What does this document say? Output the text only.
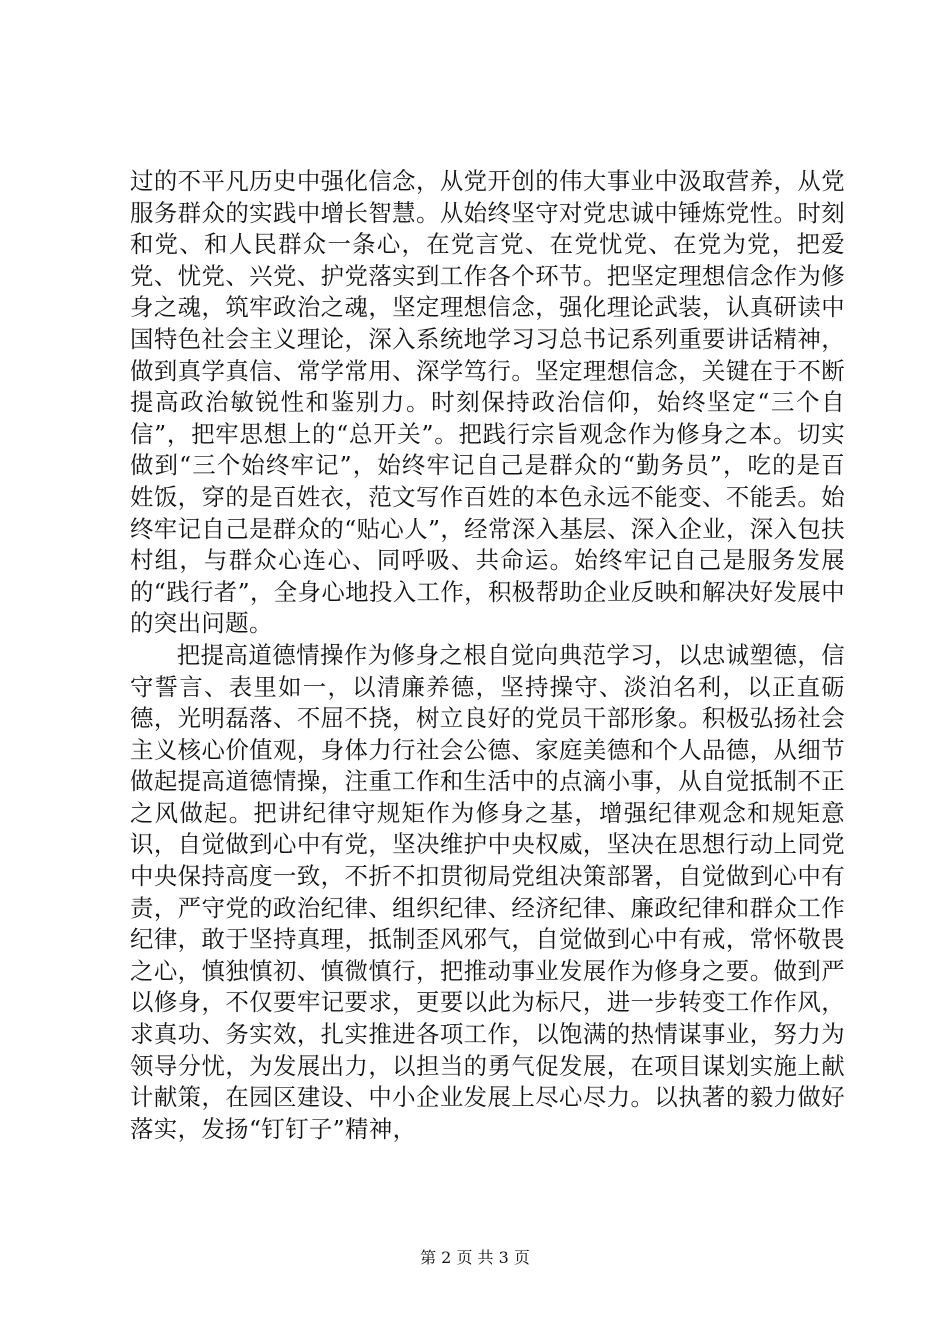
过的不平凡历史中强化信念，从党开创的伟大事业中汲取营养，从党服务群众的实践中增长智慧。从始终坚守对党忠诚中锤炼党性。时刻和党、和人民群众一条心，在党言党、在党忧党、在党为党，把爱党、忧党、兴党、护党落实到工作各个环节。把坚定理想信念作为修身之魂，筑牢政治之魂，坚定理想信念，强化理论武装，认真研读中国特色社会主义理论，深入系统地学习习总书记系列重要讲话精神，做到真学真信、常学常用、深学笃行。坚定理想信念，关键在于不断提高政治敏锐性和鉴别力。时刻保持政治信仰，始终坚定“三个自信”，把牢思想上的“总开关”。把践行宗旨观念作为修身之本。切实做到“三个始终牢记”，始终牢记自己是群众的“勤务员”，吃的是百姓饭，穿的是百姓衣，范文写作百姓的本色永远不能变、不能丢。始终牢记自己是群众的“贴心人”，经常深入基层、深入企业，深入包扶村组，与群众心连心、同呼吸、共命运。始终牢记自己是服务发展的“践行者”，全身心地投入工作，积极帮助企业反映和解决好发展中的突出问题。

把提高道德情操作为修身之根自觉向典范学习，以忠诚塑德，信守誓言、表里如一，以清廉养德，坚持操守、淡泊名利，以正直砺德，光明磊落、不屈不挠，树立良好的党员干部形象。积极弘扬社会主义核心价值观，身体力行社会公德、家庭美德和个人品德，从细节做起提高道德情操，注重工作和生活中的点滴小事，从自觉抵制不正之风做起。把讲纪律守规矩作为修身之基，增强纪律观念和规矩意识，自觉做到心中有党，坚决维护中央权威，坚决在思想行动上同党中央保持高度一致，不折不扣贯彻局党组决策部署，自觉做到心中有责，严守党的政治纪律、组织纪律、经济纪律、廉政纪律和群众工作纪律，敢于坚持真理，抵制歪风邪气，自觉做到心中有戒，常怀敬畏之心，慎独慎初、慎微慎行，把推动事业发展作为修身之要。做到严以修身，不仅要牢记要求，更要以此为标尺，进一步转变工作作风，求真功、务实效，扎实推进各项工作，以饱满的热情谋事业，努力为领导分忧，为发展出力，以担当的勇气促发展，在项目谋划实施上献计献策，在园区建设、中小企业发展上尽心尽力。以执著的毅力做好落实，发扬“钉钉子”精神，

第 2 页 共 3 页
